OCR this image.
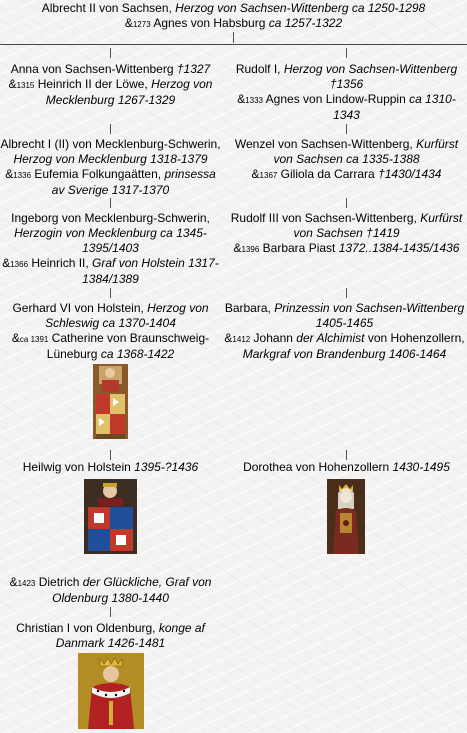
Albrecht II von Sachsen, Herzog von Sachsen-Wittenberg ca 1250-1298
&1273 Agnes von Habsburg ca 1257-1322
Anna von Sachsen-Wittenberg †1327
&1315 Heinrich II der Löwe, Herzog von Mecklenburg 1267-1329
Albrecht I (II) von Mecklenburg-Schwerin, Herzog von Mecklenburg 1318-1379
&1336 Eufemia Folkungaätten, prinsessa av Sverige 1317-1370
Ingeborg von Mecklenburg-Schwerin, Herzogin von Mecklenburg ca 1345-1395/1403
&1366 Heinrich II, Graf von Holstein 1317-1384/1389
Gerhard VI von Holstein, Herzog von Schleswig ca 1370-1404
&ca 1391 Catherine von Braunschweig-Lüneburg ca 1368-1422
Heilwig von Holstein 1395-?1436
&1423 Dietrich der Glückliche, Graf von Oldenburg 1380-1440
Christian I von Oldenburg, konge af Danmark 1426-1481
Rudolf I, Herzog von Sachsen-Wittenberg †1356
&1333 Agnes von Lindow-Ruppin ca 1310-1343
Wenzel von Sachsen-Wittenberg, Kurfürst von Sachsen ca 1335-1388
&1367 Giliola da Carrara †1430/1434
Rudolf III von Sachsen-Wittenberg, Kurfürst von Sachsen †1419
&1396 Barbara Piast 1372..1384-1435/1436
Barbara, Prinzessin von Sachsen-Wittenberg 1405-1465
&1412 Johann der Alchimist von Hohenzollern, Markgraf von Brandenburg 1406-1464
Dorothea von Hohenzollern 1430-1495
